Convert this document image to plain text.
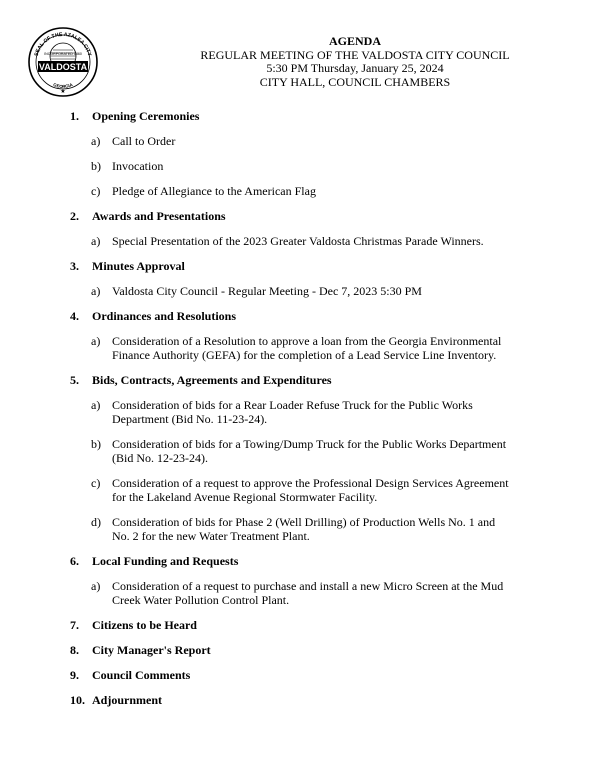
SEAL OF THE AZALEA CITY
INCORPORATED 1860
VALDOSTA
GEORGIA
★
AGENDA
REGULAR MEETING OF THE VALDOSTA CITY COUNCIL
5:30 PM Thursday, January 25, 2024
CITY HALL, COUNCIL CHAMBERS
1.	Opening Ceremonies
a) Call to Order
b) Invocation
c) Pledge of Allegiance to the American Flag
2.	Awards and Presentations
a) Special Presentation of the 2023 Greater Valdosta Christmas Parade Winners.
3.	Minutes Approval
a) Valdosta City Council - Regular Meeting - Dec 7, 2023 5:30 PM
4.	Ordinances and Resolutions
a) Consideration of a Resolution to approve a loan from the Georgia Environmental Finance Authority (GEFA) for the completion of a Lead Service Line Inventory.
5.	Bids, Contracts, Agreements and Expenditures
a) Consideration of bids for a Rear Loader Refuse Truck for the Public Works Department (Bid No. 11-23-24).
b) Consideration of bids for a Towing/Dump Truck for the Public Works Department (Bid No. 12-23-24).
c) Consideration of a request to approve the Professional Design Services Agreement for the Lakeland Avenue Regional Stormwater Facility.
d) Consideration of bids for Phase 2 (Well Drilling) of Production Wells No. 1 and No. 2 for the new Water Treatment Plant.
6.	Local Funding and Requests
a) Consideration of a request to purchase and install a new Micro Screen at the Mud Creek Water Pollution Control Plant.
7.	Citizens to be Heard
8.	City Manager's Report
9.	Council Comments
10. Adjournment
